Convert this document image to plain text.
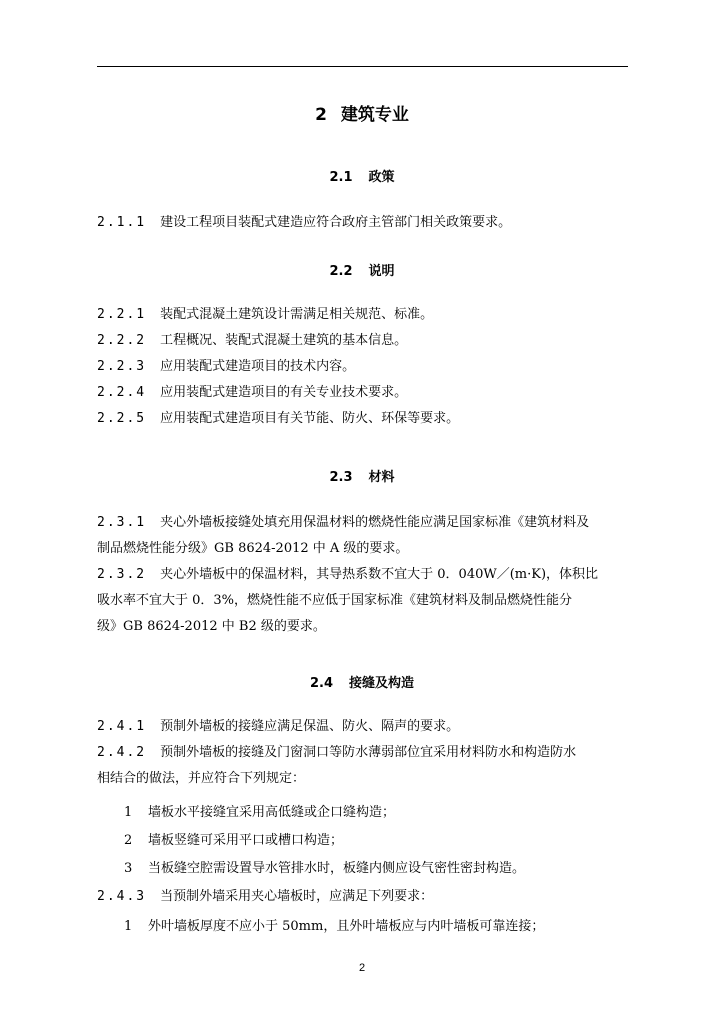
2 建筑专业
2.1 政策
2.1.1 建设工程项目装配式建造应符合政府主管部门相关政策要求。
2.2 说明
2.2.1 装配式混凝土建筑设计需满足相关规范、标准。
2.2.2 工程概况、装配式混凝土建筑的基本信息。
2.2.3 应用装配式建造项目的技术内容。
2.2.4 应用装配式建造项目的有关专业技术要求。
2.2.5 应用装配式建造项目有关节能、防火、环保等要求。
2.3 材料
2.3.1 夹心外墙板接缝处填充用保温材料的燃烧性能应满足国家标准《建筑材料及
制品燃烧性能分级》GB 8624-2012 中 A 级的要求。
2.3.2 夹心外墙板中的保温材料，其导热系数不宜大于 0．040W／(m·K)，体积比
吸水率不宜大于 0．3%，燃烧性能不应低于国家标准《建筑材料及制品燃烧性能分
级》GB 8624-2012 中 B2 级的要求。
2.4 接缝及构造
2.4.1 预制外墙板的接缝应满足保温、防火、隔声的要求。
2.4.2 预制外墙板的接缝及门窗洞口等防水薄弱部位宜采用材料防水和构造防水
相结合的做法，并应符合下列规定：
1 墙板水平接缝宜采用高低缝或企口缝构造；
2 墙板竖缝可采用平口或槽口构造；
3 当板缝空腔需设置导水管排水时，板缝内侧应设气密性密封构造。
2.4.3 当预制外墙采用夹心墙板时，应满足下列要求：
1 外叶墙板厚度不应小于 50mm，且外叶墙板应与内叶墙板可靠连接；
2
